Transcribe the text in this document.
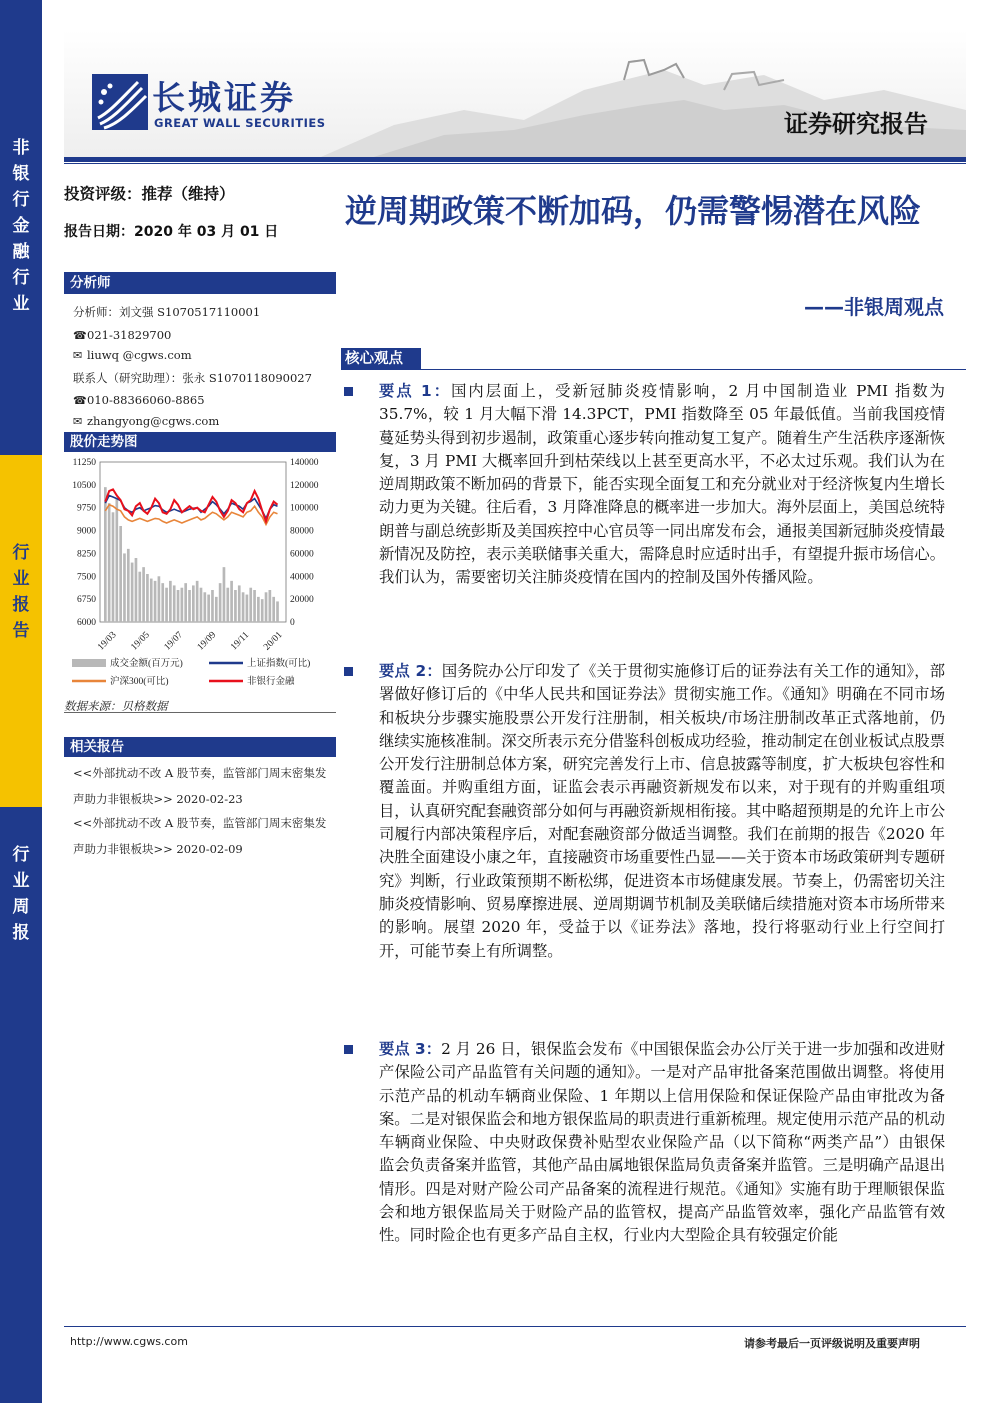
非
银
行
金
融
行
业
行
业
报
告
行
业
周
报
长城证券
GREAT WALL SECURITIES	证券研究报告
投资评级：推荐（维持）
报告日期：2020 年 03 月 01 日
分析师
分析师：刘文强 S1070517110001
☎021-31829700
✉ liuwq @cgws.com
联系人（研究助理）：张永 S1070118090027
☎010-88366060-8865
✉ zhangyong@cgws.com
股价走势图
11250
10500
9750
9000
8250
7500
6750
6000
140000
120000
100000
80000
60000
40000
20000
0
19/03 19/05 19/07 19/09 19/11 20/01
成交金额(百万元)	上证指数(可比)
沪深300(可比)	非银行金融
数据来源：贝格数据
相关报告
<<外部扰动不改 A 股节奏，监管部门周末密集发声助力非银板块>> 2020-02-23
<<外部扰动不改 A 股节奏，监管部门周末密集发声助力非银板块>> 2020-02-09
逆周期政策不断加码，仍需警惕潜在风险
——非银周观点
核心观点
要点 1：国内层面上，受新冠肺炎疫情影响，2 月中国制造业 PMI 指数为 35.7%，较 1 月大幅下滑 14.3PCT，PMI 指数降至 05 年最低值。当前我国疫情蔓延势头得到初步遏制，政策重心逐步转向推动复工复产。随着生产生活秩序逐渐恢复，3 月 PMI 大概率回升到枯荣线以上甚至更高水平，不必太过乐观。我们认为在逆周期政策不断加码的背景下，能否实现全面复工和充分就业对于经济恢复内生增长动力更为关键。往后看，3 月降准降息的概率进一步加大。海外层面上，美国总统特朗普与副总统彭斯及美国疾控中心官员等一同出席发布会，通报美国新冠肺炎疫情最新情况及防控，表示美联储事关重大，需降息时应适时出手，有望提升振市场信心。我们认为，需要密切关注肺炎疫情在国内的控制及国外传播风险。
要点 2：国务院办公厅印发了《关于贯彻实施修订后的证券法有关工作的通知》，部署做好修订后的《中华人民共和国证券法》贯彻实施工作。《通知》明确在不同市场和板块分步骤实施股票公开发行注册制，相关板块/市场注册制改革正式落地前，仍继续实施核准制。深交所表示充分借鉴科创板成功经验，推动制定在创业板试点股票公开发行注册制总体方案，研究完善发行上市、信息披露等制度，扩大板块包容性和覆盖面。并购重组方面，证监会表示再融资新规发布以来，对于现有的并购重组项目，认真研究配套融资部分如何与再融资新规相衔接。其中略超预期是的允许上市公司履行内部决策程序后，对配套融资部分做适当调整。我们在前期的报告《2020 年决胜全面建设小康之年，直接融资市场重要性凸显——关于资本市场政策研判专题研究》判断，行业政策预期不断松绑，促进资本市场健康发展。节奏上，仍需密切关注肺炎疫情影响、贸易摩擦进展、逆周期调节机制及美联储后续措施对资本市场所带来的影响。展望 2020 年，受益于以《证券法》落地，投行将驱动行业上行空间打开，可能节奏上有所调整。
要点 3：2 月 26 日，银保监会发布《中国银保监会办公厅关于进一步加强和改进财产保险公司产品监管有关问题的通知》。一是对产品审批备案范围做出调整。将使用示范产品的机动车辆商业保险、1 年期以上信用保险和保证保险产品由审批改为备案。二是对银保监会和地方银保监局的职责进行重新梳理。规定使用示范产品的机动车辆商业保险、中央财政保费补贴型农业保险产品（以下简称“两类产品”）由银保监会负责备案并监管，其他产品由属地银保监局负责备案并监管。三是明确产品退出情形。四是对财产险公司产品备案的流程进行规范。《通知》实施有助于理顺银保监会和地方银保监局关于财险产品的监管权，提高产品监管效率，强化产品监管有效性。同时险企也有更多产品自主权，行业内大型险企具有较强定价能
http://www.cgws.com	请参考最后一页评级说明及重要声明
